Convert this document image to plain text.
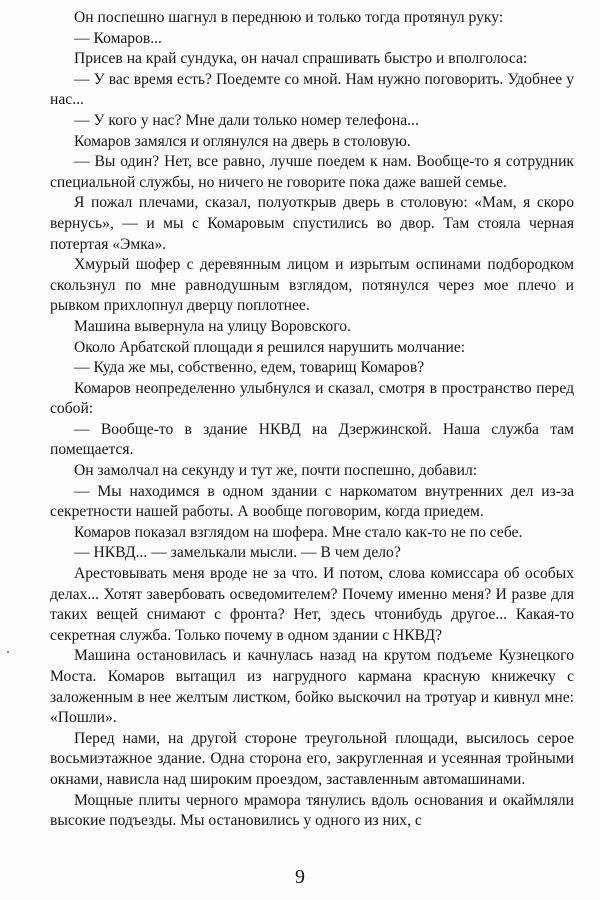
Он поспешно шагнул в переднюю и только тогда протянул руку:

— Комаров...

Присев на край сундука, он начал спрашивать быстро и вполголоса:

— У вас время есть? Поедемте со мной. Нам нужно поговорить. Удобнее у нас...

— У кого у нас? Мне дали только номер телефона...

Комаров замялся и оглянулся на дверь в столовую.

— Вы один? Нет, все равно, лучше поедем к нам. Вообще-то я сотрудник специальной службы, но ничего не говорите пока даже вашей семье.

Я пожал плечами, сказал, полуоткрыв дверь в столовую: «Мам, я скоро вернусь», — и мы с Комаровым спустились во двор. Там стояла черная потертая «Эмка».

Хмурый шофер с деревянным лицом и изрытым оспинами подбородком скользнул по мне равнодушным взглядом, потянулся через мое плечо и рывком прихлопнул дверцу поплотнее.

Машина вывернула на улицу Воровского.

Около Арбатской площади я решился нарушить молчание:

— Куда же мы, собственно, едем, товарищ Комаров?

Комаров неопределенно улыбнулся и сказал, смотря в пространство перед собой:

— Вообще-то в здание НКВД на Дзержинской. Наша служба там помещается.

Он замолчал на секунду и тут же, почти поспешно, добавил:

— Мы находимся в одном здании с наркоматом внутренних дел из-за секретности нашей работы. А вообще поговорим, когда приедем.

Комаров показал взглядом на шофера. Мне стало как-то не по себе.

— НКВД... — замелькали мысли. — В чем дело?

Арестовывать меня вроде не за что. И потом, слова комиссара об особых делах... Хотят завербовать осведомителем? Почему именно меня? И разве для таких вещей снимают с фронта? Нет, здесь чтонибудь другое... Какая-то секретная служба. Только почему в одном здании с НКВД?

Машина остановилась и качнулась назад на крутом подъеме Кузнецкого Моста. Комаров вытащил из нагрудного кармана красную книжечку с заложенным в нее желтым листком, бойко выскочил на тротуар и кивнул мне: «Пошли».

Перед нами, на другой стороне треугольной площади, высилось серое восьмиэтажное здание. Одна сторона его, закругленная и усеянная тройными окнами, нависла над широким проездом, заставленным автомашинами.

Мощные плиты черного мрамора тянулись вдоль основания и окаймляли высокие подъезды. Мы остановились у одного из них, с

9
